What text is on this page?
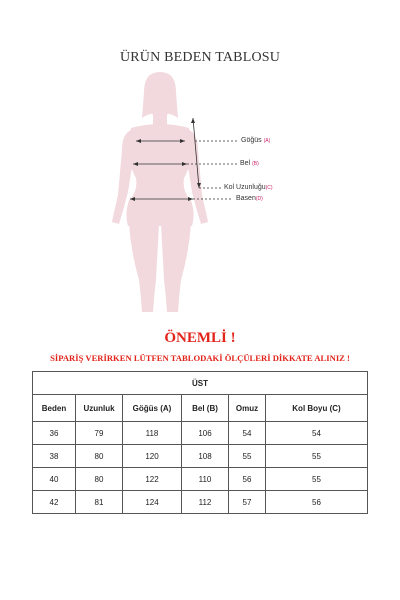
ÜRÜN BEDEN TABLOSU
Göğüs (A)
Bel (B)
Kol Uzunluğu(C)
Basen(D)
ÖNEMLİ !
SİPARİŞ VERİRKEN LÜTFEN TABLODAKİ ÖLÇÜLERİ DİKKATE ALINIZ !
ÜST					
Beden	Uzunluk	Göğüs (A)	Bel (B)	Omuz	Kol Boyu (C)
36	79	118	106	54	54
38	80	120	108	55	55
40	80	122	110	56	55
42	81	124	112	57	56
